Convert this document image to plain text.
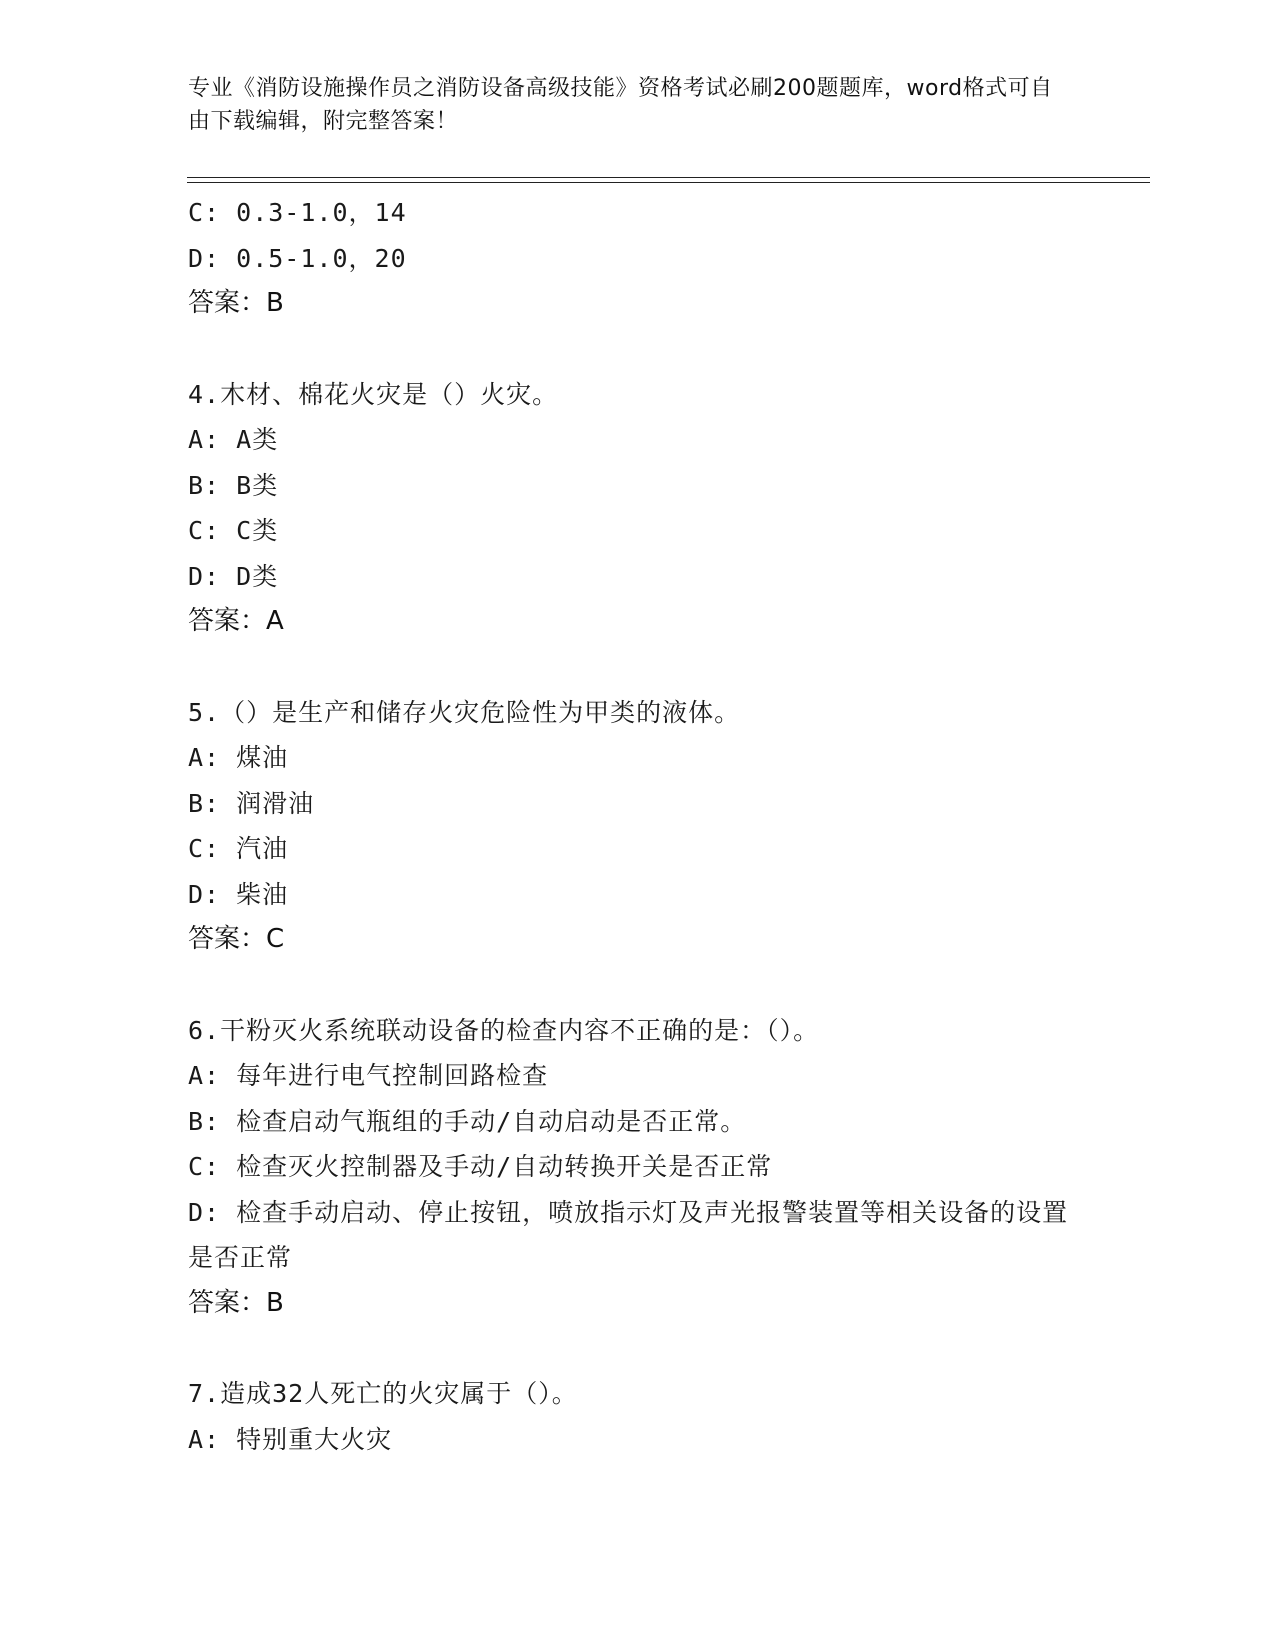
专业《消防设施操作员之消防设备高级技能》资格考试必刷200题题库，word格式可自由下载编辑，附完整答案！
C: 0.3-1.0，14
D: 0.5-1.0，20
答案：B
4.木材、棉花火灾是（）火灾。
A: A类
B: B类
C: C类
D: D类
答案：A
5.（）是生产和储存火灾危险性为甲类的液体。
A: 煤油
B: 润滑油
C: 汽油
D: 柴油
答案：C
6.干粉灭火系统联动设备的检查内容不正确的是：（）。
A: 每年进行电气控制回路检查
B: 检查启动气瓶组的手动/自动启动是否正常。
C: 检查灭火控制器及手动/自动转换开关是否正常
D: 检查手动启动、停止按钮，喷放指示灯及声光报警装置等相关设备的设置是否正常
答案：B
7.造成32人死亡的火灾属于（）。
A: 特别重大火灾
